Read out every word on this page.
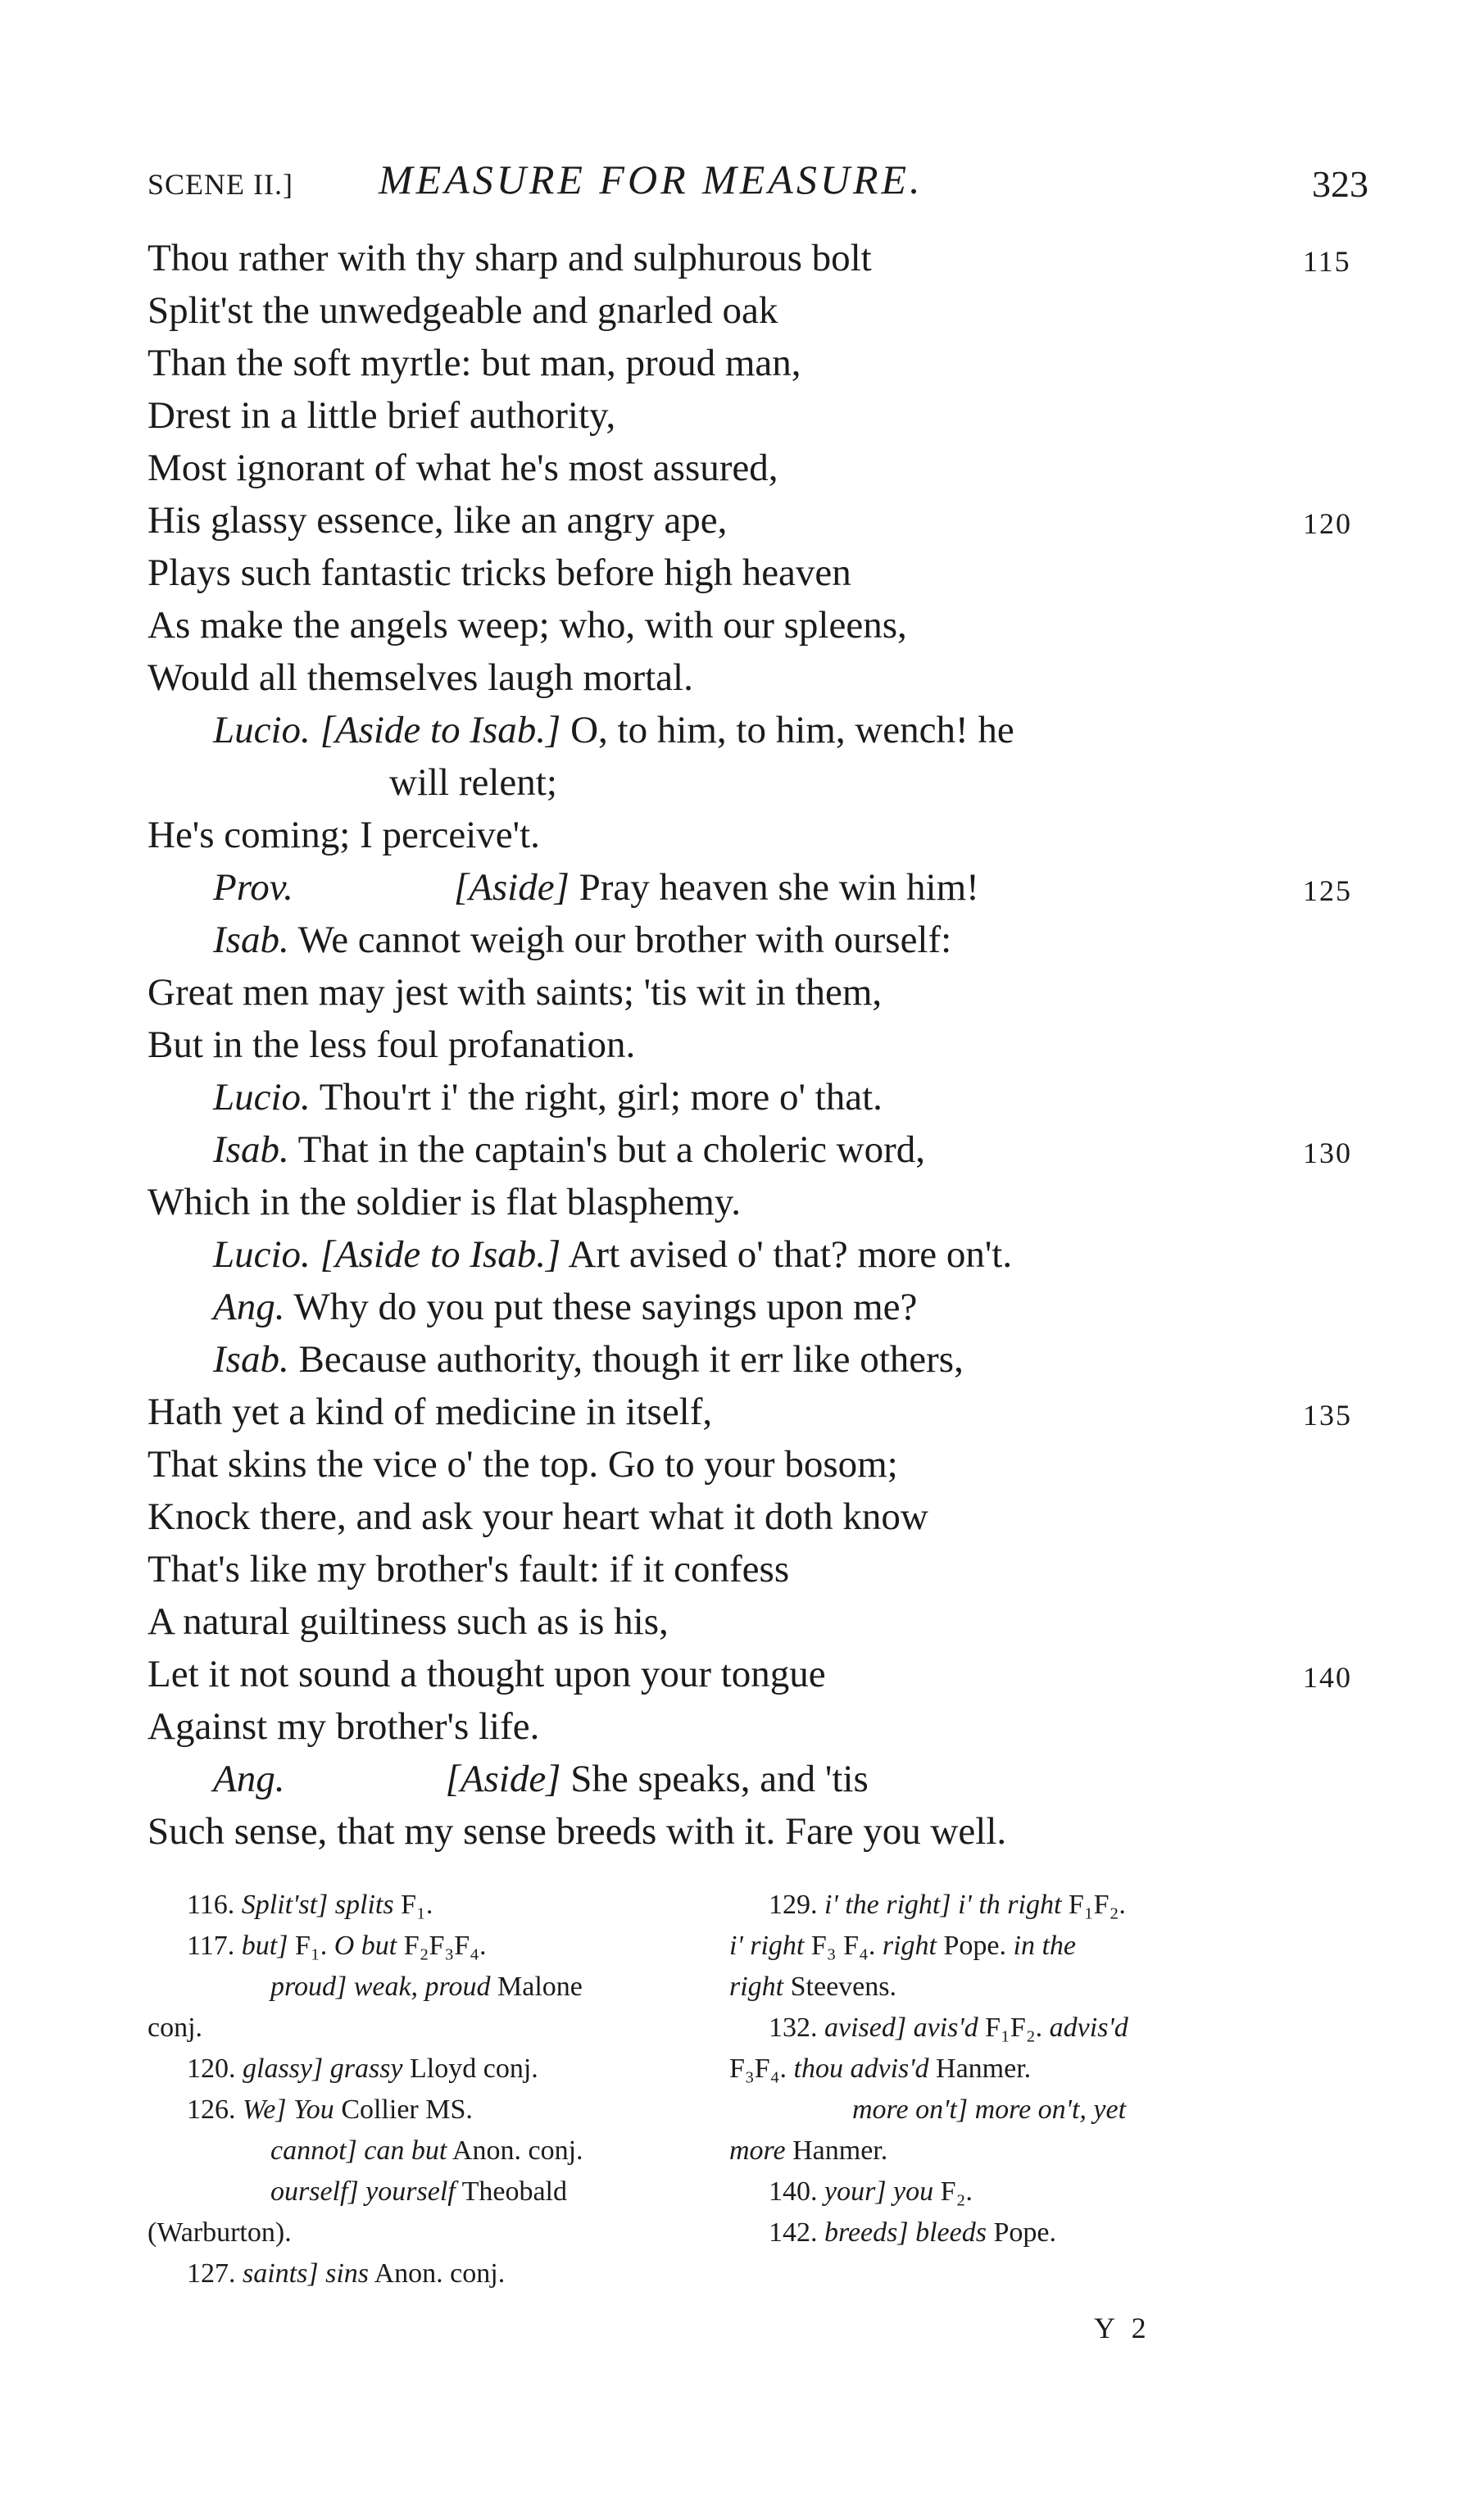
SCENE II.] MEASURE FOR MEASURE.	323
Thou rather with thy sharp and sulphurous bolt	115
Split'st the unwedgeable and gnarled oak
Than the soft myrtle: but man, proud man,
Drest in a little brief authority,
Most ignorant of what he's most assured,
His glassy essence, like an angry ape,	120
Plays such fantastic tricks before high heaven
As make the angels weep; who, with our spleens,
Would all themselves laugh mortal.
Lucio. [Aside to Isab.] O, to him, to him, wench! he
will relent;
He's coming; I perceive't.
Prov.	[Aside] Pray heaven she win him!	125
Isab. We cannot weigh our brother with ourself:
Great men may jest with saints; 'tis wit in them,
But in the less foul profanation.
Lucio. Thou'rt i' the right, girl; more o' that.
Isab. That in the captain's but a choleric word,	130
Which in the soldier is flat blasphemy.
Lucio. [Aside to Isab.] Art avised o' that? more on't.
Ang. Why do you put these sayings upon me?
Isab. Because authority, though it err like others,
Hath yet a kind of medicine in itself,	135
That skins the vice o' the top. Go to your bosom;
Knock there, and ask your heart what it doth know
That's like my brother's fault: if it confess
A natural guiltiness such as is his,
Let it not sound a thought upon your tongue	140
Against my brother's life.
Ang.	[Aside] She speaks, and 'tis
Such sense, that my sense breeds with it. Fare you well.
116. Split'st] splits F₁.
117. but] F₁. O but F₂F₃F₄.
proud] weak, proud Malone
conj.
120. glassy] grassy Lloyd conj.
126. We] You Collier MS.
cannot] can but Anon. conj.
ourself] yourself Theobald
(Warburton).
127. saints] sins Anon. conj.
129. i' the right] i' th right F₁F₂.
i' right F₃ F₄. right Pope. in the
right Steevens.
132. avised] avis'd F₁F₂. advis'd
F₃F₄. thou advis'd Hanmer.
more on't] more on't, yet
more Hanmer.
140. your] you F₂.
142. breeds] bleeds Pope.
Y 2
